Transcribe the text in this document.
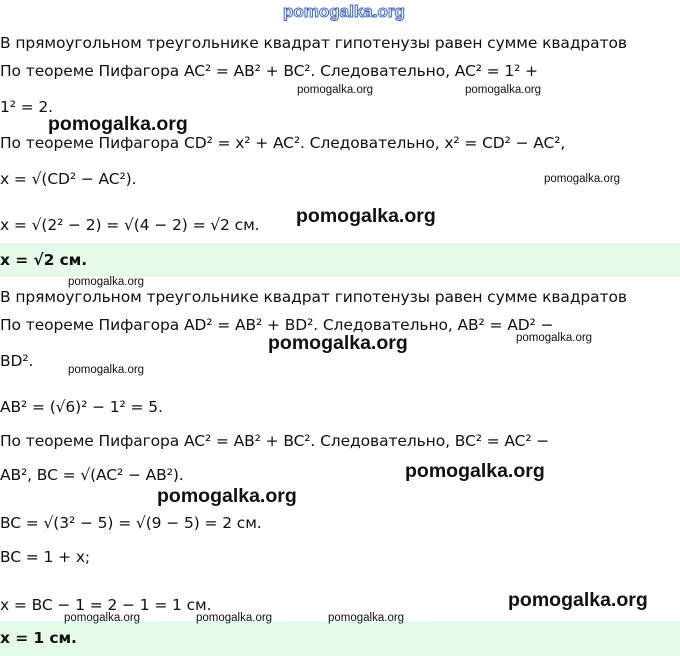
pomogalka.org
В прямоугольном треугольнике квадрат гипотенузы равен сумме квадратов
По теореме Пифагора AC² = AB² + BC². Следовательно, AC² = 1² +
1² = 2.
По теореме Пифагора CD² = x² + AC². Следовательно, x² = CD² − AC²,
x = √(CD² − AC²).
x = √(2² − 2) = √(4 − 2) = √2 см.
x = √2 см.
В прямоугольном треугольнике квадрат гипотенузы равен сумме квадратов
По теореме Пифагора AD² = AB² + BD². Следовательно, AB² = AD² −
BD².
AB² = (√6)² − 1² = 5.
По теореме Пифагора AC² = AB² + BC². Следовательно, BC² = AC² −
AB², BC = √(AC² − AB²).
BC = √(3² − 5) = √(9 − 5) = 2 см.
BC = 1 + x;
x = BC − 1 = 2 − 1 = 1 см.
x = 1 см.
pomogalka.org	pomogalka.org
pomogalka.org
pomogalka.org
pomogalka.org
pomogalka.org
pomogalka.org	pomogalka.org
pomogalka.org
pomogalka.org
pomogalka.org
pomogalka.org
pomogalka.org	pomogalka.org	pomogalka.org
